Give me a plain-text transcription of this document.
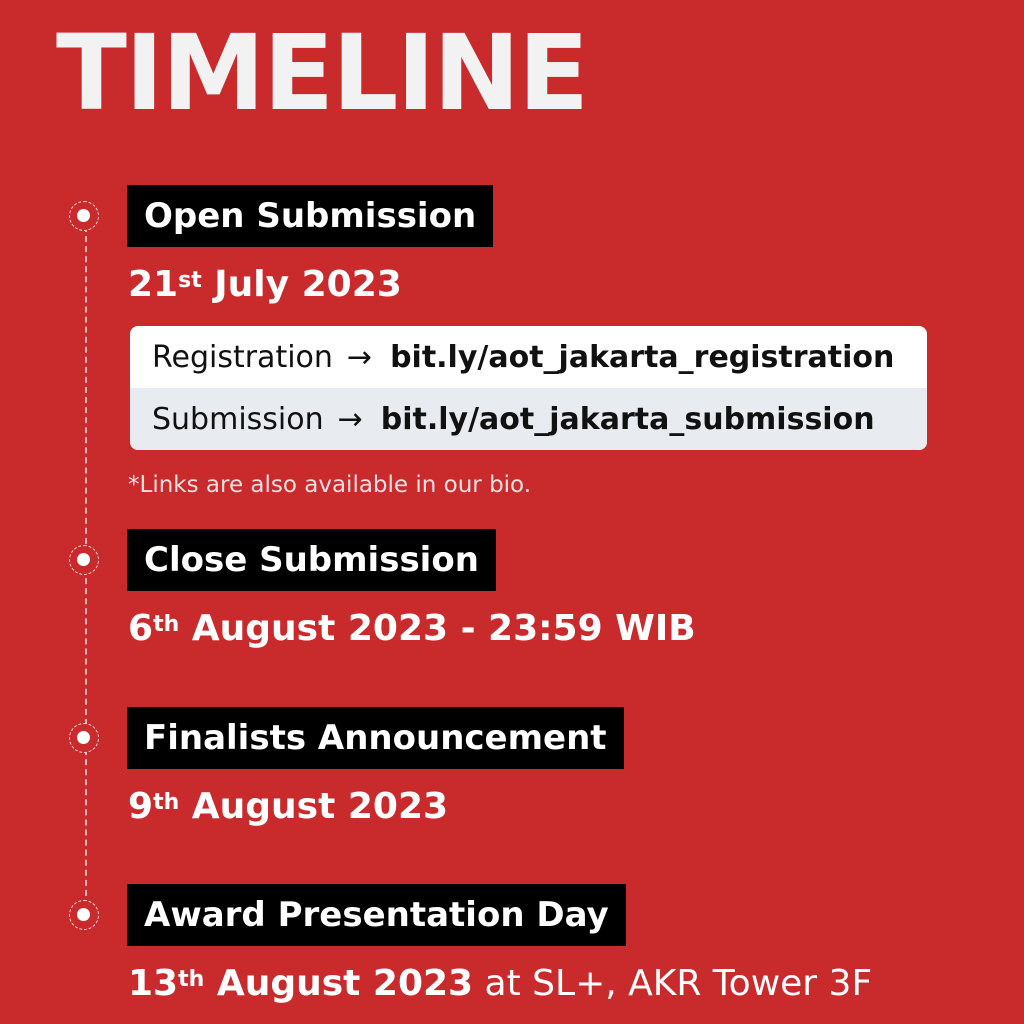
TIMELINE
Open Submission
21st July 2023
Registration → bit.ly/aot_jakarta_registration
Submission → bit.ly/aot_jakarta_submission
*Links are also available in our bio.
Close Submission
6th August 2023 - 23:59 WIB
Finalists Announcement
9th August 2023
Award Presentation Day
13th August 2023 at SL+, AKR Tower 3F
